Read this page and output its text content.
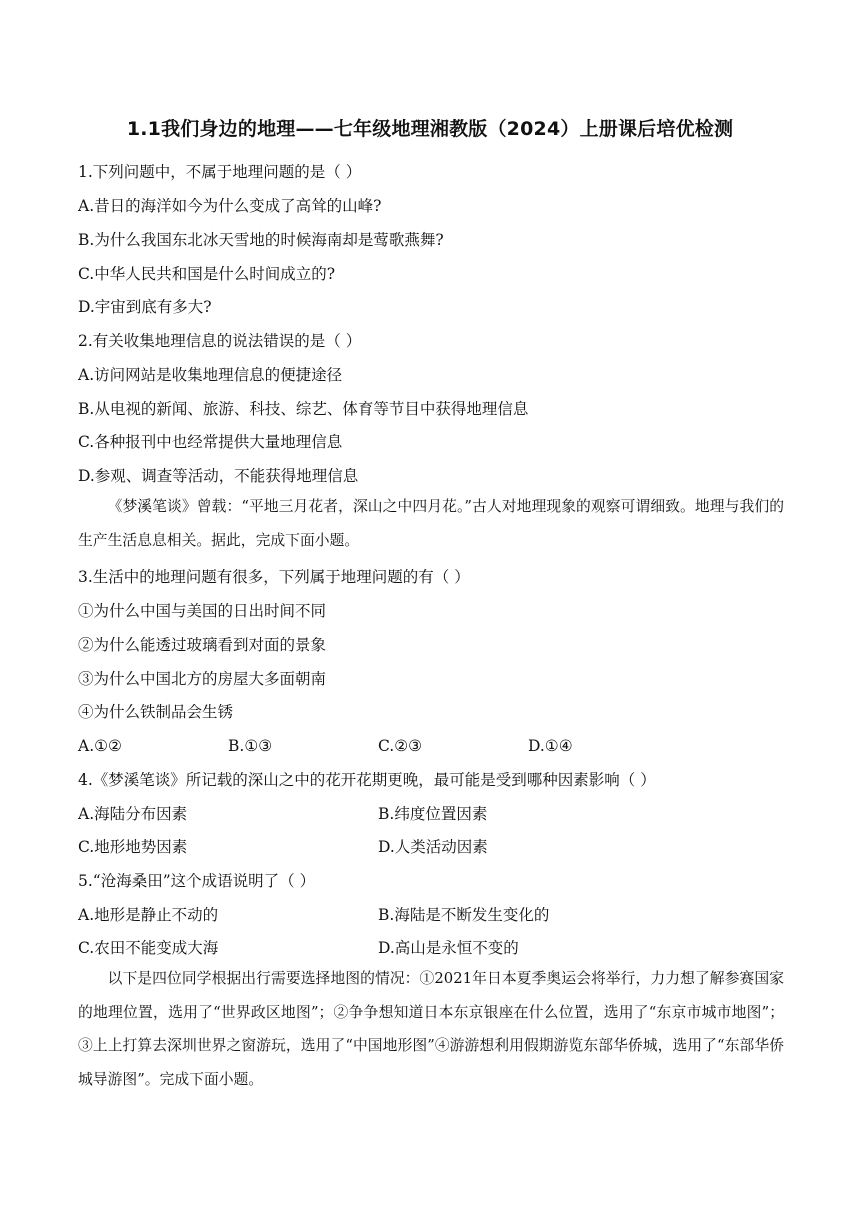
1.1我们身边的地理——七年级地理湘教版（2024）上册课后培优检测
1.下列问题中，不属于地理问题的是（ ）
A.昔日的海洋如今为什么变成了高耸的山峰?
B.为什么我国东北冰天雪地的时候海南却是莺歌燕舞?
C.中华人民共和国是什么时间成立的?
D.宇宙到底有多大?
2.有关收集地理信息的说法错误的是（ ）
A.访问网站是收集地理信息的便捷途径
B.从电视的新闻、旅游、科技、综艺、体育等节目中获得地理信息
C.各种报刊中也经常提供大量地理信息
D.参观、调查等活动，不能获得地理信息
《梦溪笔谈》曾载：“平地三月花者，深山之中四月花。”古人对地理现象的观察可谓细致。地理与我们的生产生活息息相关。据此，完成下面小题。
3.生活中的地理问题有很多，下列属于地理问题的有（ ）
①为什么中国与美国的日出时间不同
②为什么能透过玻璃看到对面的景象
③为什么中国北方的房屋大多面朝南
④为什么铁制品会生锈
A.①②	B.①③	C.②③	D.①④
4.《梦溪笔谈》所记载的深山之中的花开花期更晚，最可能是受到哪种因素影响（ ）
A.海陆分布因素	B.纬度位置因素
C.地形地势因素	D.人类活动因素
5.“沧海桑田”这个成语说明了（ ）
A.地形是静止不动的	B.海陆是不断发生变化的
C.农田不能变成大海	D.高山是永恒不变的
以下是四位同学根据出行需要选择地图的情况：①2021年日本夏季奥运会将举行，力力想了解参赛国家的地理位置，选用了“世界政区地图”；②争争想知道日本东京银座在什么位置，选用了“东京市城市地图”；③上上打算去深圳世界之窗游玩，选用了“中国地形图”④游游想利用假期游览东部华侨城，选用了“东部华侨城导游图”。完成下面小题。
